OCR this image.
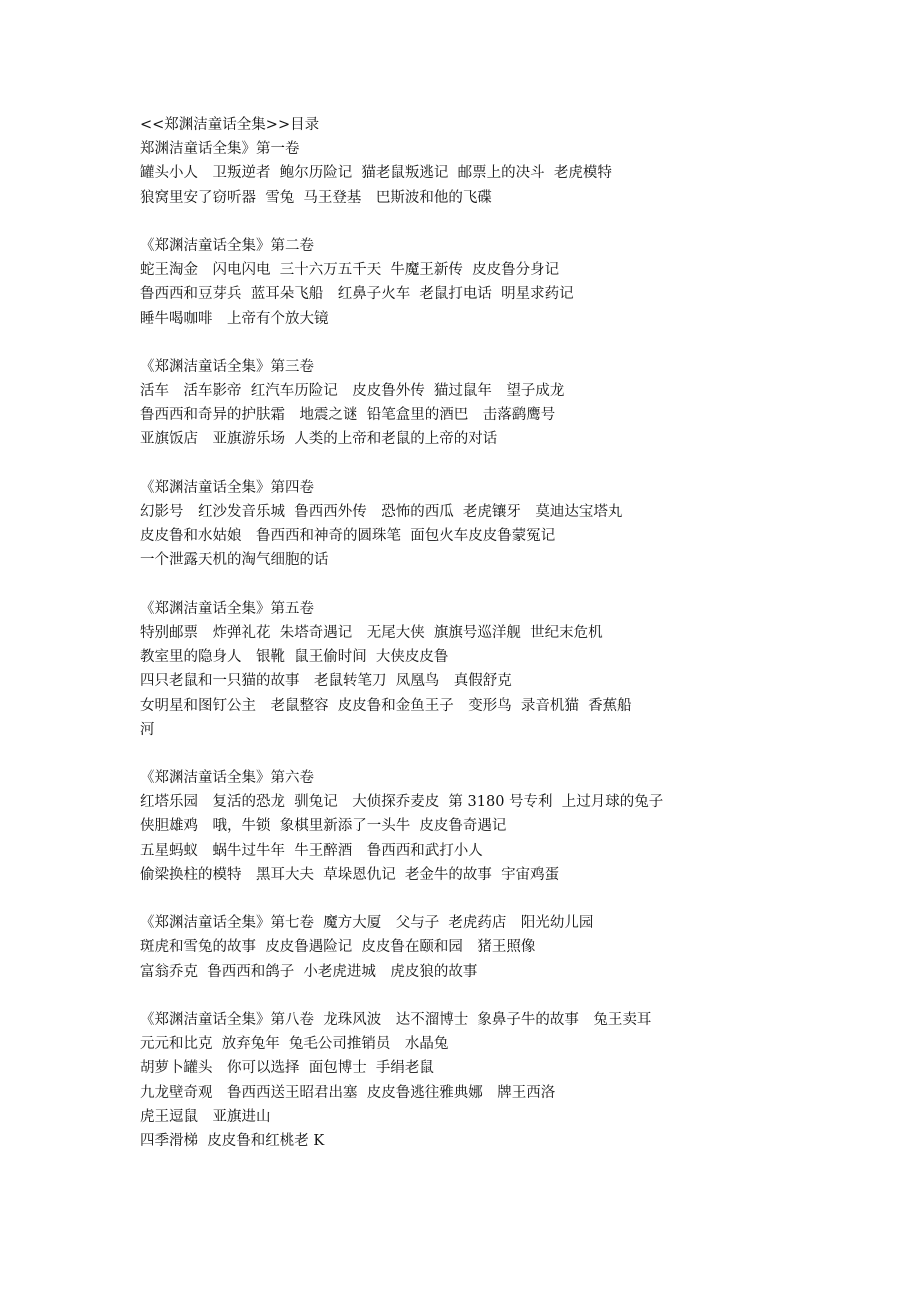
<<郑渊洁童话全集>>目录
郑渊洁童话全集》第一卷
罐头小人　卫叛逆者  鲍尔历险记  猫老鼠叛逃记  邮票上的决斗  老虎模特
狼窝里安了窃听器  雪兔  马王登基　巴斯波和他的飞碟
《郑渊洁童话全集》第二卷
蛇王淘金　闪电闪电  三十六万五千天  牛魔王新传  皮皮鲁分身记
鲁西西和豆芽兵  蓝耳朵飞船　红鼻子火车  老鼠打电话  明星求药记
睡牛喝咖啡　上帝有个放大镜
《郑渊洁童话全集》第三卷
活车　活车影帝  红汽车历险记　皮皮鲁外传  猫过鼠年　望子成龙
鲁西西和奇异的护肤霜　地震之谜  铅笔盒里的酒巴　击落鹞鹰号
亚旗饭店　亚旗游乐场  人类的上帝和老鼠的上帝的对话
《郑渊洁童话全集》第四卷
幻影号　红沙发音乐城  鲁西西外传　恐怖的西瓜  老虎镶牙　莫迪达宝塔丸
皮皮鲁和水姑娘　鲁西西和神奇的圆珠笔  面包火车皮皮鲁蒙冤记
一个泄露天机的淘气细胞的话
《郑渊洁童话全集》第五卷
特别邮票　炸弹礼花  朱塔奇遇记　无尾大侠  旗旗号巡洋舰  世纪末危机
教室里的隐身人　银靴  鼠王偷时间  大侠皮皮鲁
四只老鼠和一只猫的故事　老鼠转笔刀  凤凰鸟　真假舒克
女明星和图钉公主　老鼠整容  皮皮鲁和金鱼王子　变形鸟  录音机猫  香蕉船
河
《郑渊洁童话全集》第六卷
红塔乐园　复活的恐龙  驯兔记　大侦探乔麦皮  第 3180 号专利  上过月球的兔子
侠胆雄鸡　哦，牛锁  象棋里新添了一头牛  皮皮鲁奇遇记
五星蚂蚁　蜗牛过牛年  牛王醉酒　鲁西西和武打小人
偷梁换柱的模特　黑耳大夫  草垛恩仇记  老金牛的故事  宇宙鸡蛋
《郑渊洁童话全集》第七卷  魔方大厦　父与子  老虎药店　阳光幼儿园
斑虎和雪兔的故事  皮皮鲁遇险记  皮皮鲁在颐和园　猪王照像
富翁乔克  鲁西西和鸽子  小老虎进城　虎皮狼的故事
《郑渊洁童话全集》第八卷  龙珠风波　达不溜博士  象鼻子牛的故事　兔王卖耳
元元和比克  放弃兔年  兔毛公司推销员　水晶兔
胡萝卜罐头　你可以选择  面包博士  手绢老鼠
九龙壁奇观　鲁西西送王昭君出塞  皮皮鲁逃往雅典娜　牌王西洛
虎王逗鼠　亚旗进山
四季滑梯  皮皮鲁和红桃老 K
